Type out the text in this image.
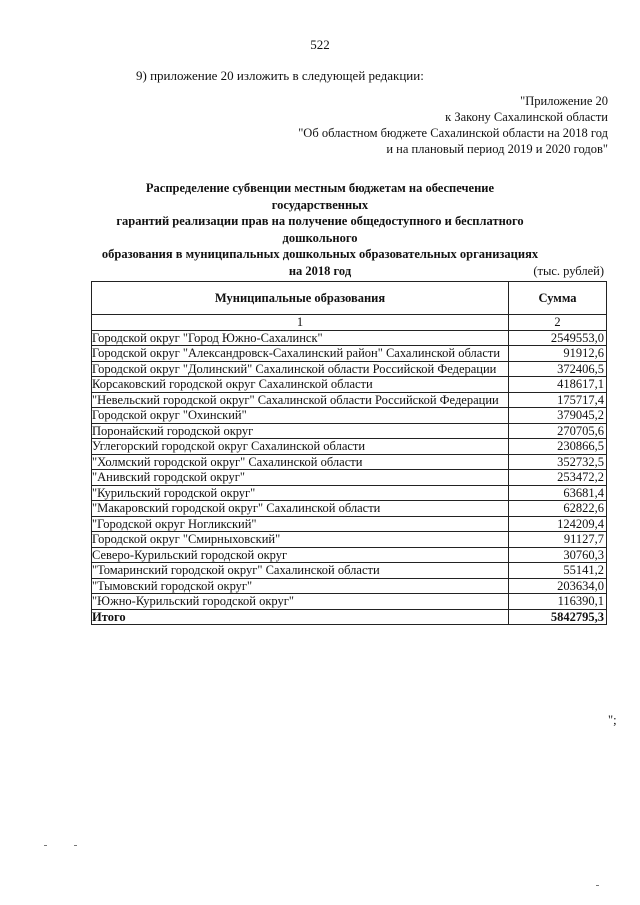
522
9) приложение 20 изложить в следующей редакции:
"Приложение 20
к Закону Сахалинской области
"Об областном бюджете Сахалинской области на 2018 год
и на плановый период 2019 и 2020 годов"
Распределение субвенции местным бюджетам на обеспечение государственных
гарантий реализации прав на получение общедоступного и бесплатного дошкольного
образования в муниципальных дошкольных образовательных организациях
на 2018 год	(тыс. рублей)
Муниципальные образования	Сумма
1	2
Городской округ "Город Южно-Сахалинск"	2549553,0
Городской округ "Александровск-Сахалинский район" Сахалинской области	91912,6
Городской округ "Долинский" Сахалинской области Российской Федерации	372406,5
Корсаковский городской округ Сахалинской области	418617,1
"Невельский городской округ" Сахалинской области Российской Федерации	175717,4
Городской округ "Охинский"	379045,2
Поронайский городской округ	270705,6
Углегорский городской округ Сахалинской области	230866,5
"Холмский городской округ" Сахалинской области	352732,5
"Анивский городской округ"	253472,2
"Курильский городской округ"	63681,4
"Макаровский городской округ" Сахалинской области	62822,6
"Городской округ Ногликский"	124209,4
Городской округ "Смирныховский"	91127,7
Северо-Курильский городской округ	30760,3
"Томаринский городской округ" Сахалинской области	55141,2
"Тымовский городской округ"	203634,0
"Южно-Курильский городской округ"	116390,1
Итого	5842795,3
";
